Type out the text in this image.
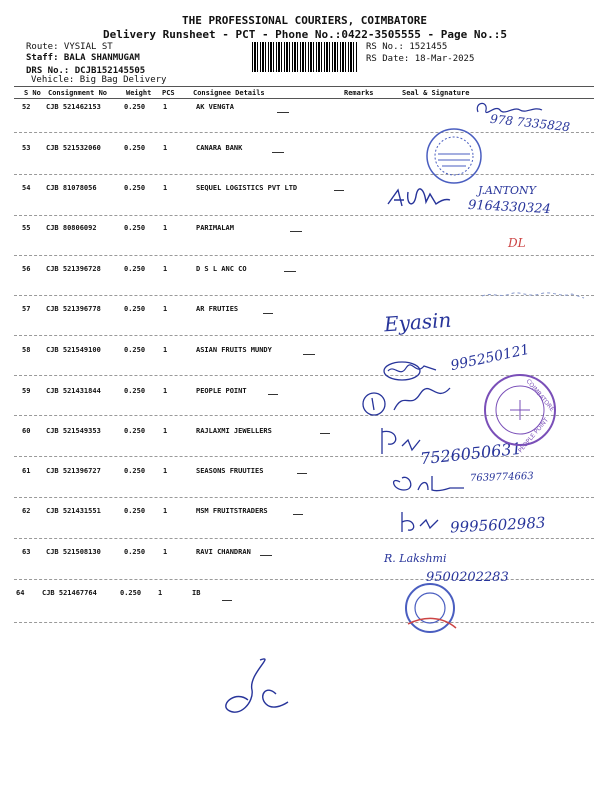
THE PROFESSIONAL COURIERS, COIMBATORE
Delivery Runsheet - PCT - Phone No.:0422-3505555 - Page No.:5
Route: VYSIAL ST
Staff: BALA SHANMUGAM
DRS No.: DCJB152145505
Vehicle: Big Bag Delivery
RS No.: 1521455
RS Date: 18-Mar-2025
S No Consignment No	Weight PCS	Consignee Details	Remarks	Seal & Signature
52 CJB 521462153	0.250	1	AK VENGTA
53 CJB 521532060	0.250	1	CANARA BANK
54 CJB 81078056	0.250	1	SEQUEL LOGISTICS PVT LTD
55 CJB 80806092	0.250	1	PARIMALAM
56 CJB 521396728	0.250	1	D S L ANC CO
57 CJB 521396778	0.250	1	AR FRUTIES
58 CJB 521549100	0.250	1	ASIAN FRUITS MUNDY
59 CJB 521431844	0.250	1	PEOPLE POINT
60 CJB 521549353	0.250	1	RAJLAXMI JEWELLERS
61 CJB 521396727	0.250	1	SEASONS FRUUTIES
62 CJB 521431551	0.250	1	MSM FRUITSTRADERS
63 CJB 521508130	0.250	1	RAVI CHANDRAN
64	CJB 521467764	0.250 1	IB
978 7335828
J.ANTONY
9164330324
DL
Eyasin
995250121
7526050631
7639774663
9995602983
R. Lakshmi
9500202283
COIMBATORE
PEOPLE POINT
